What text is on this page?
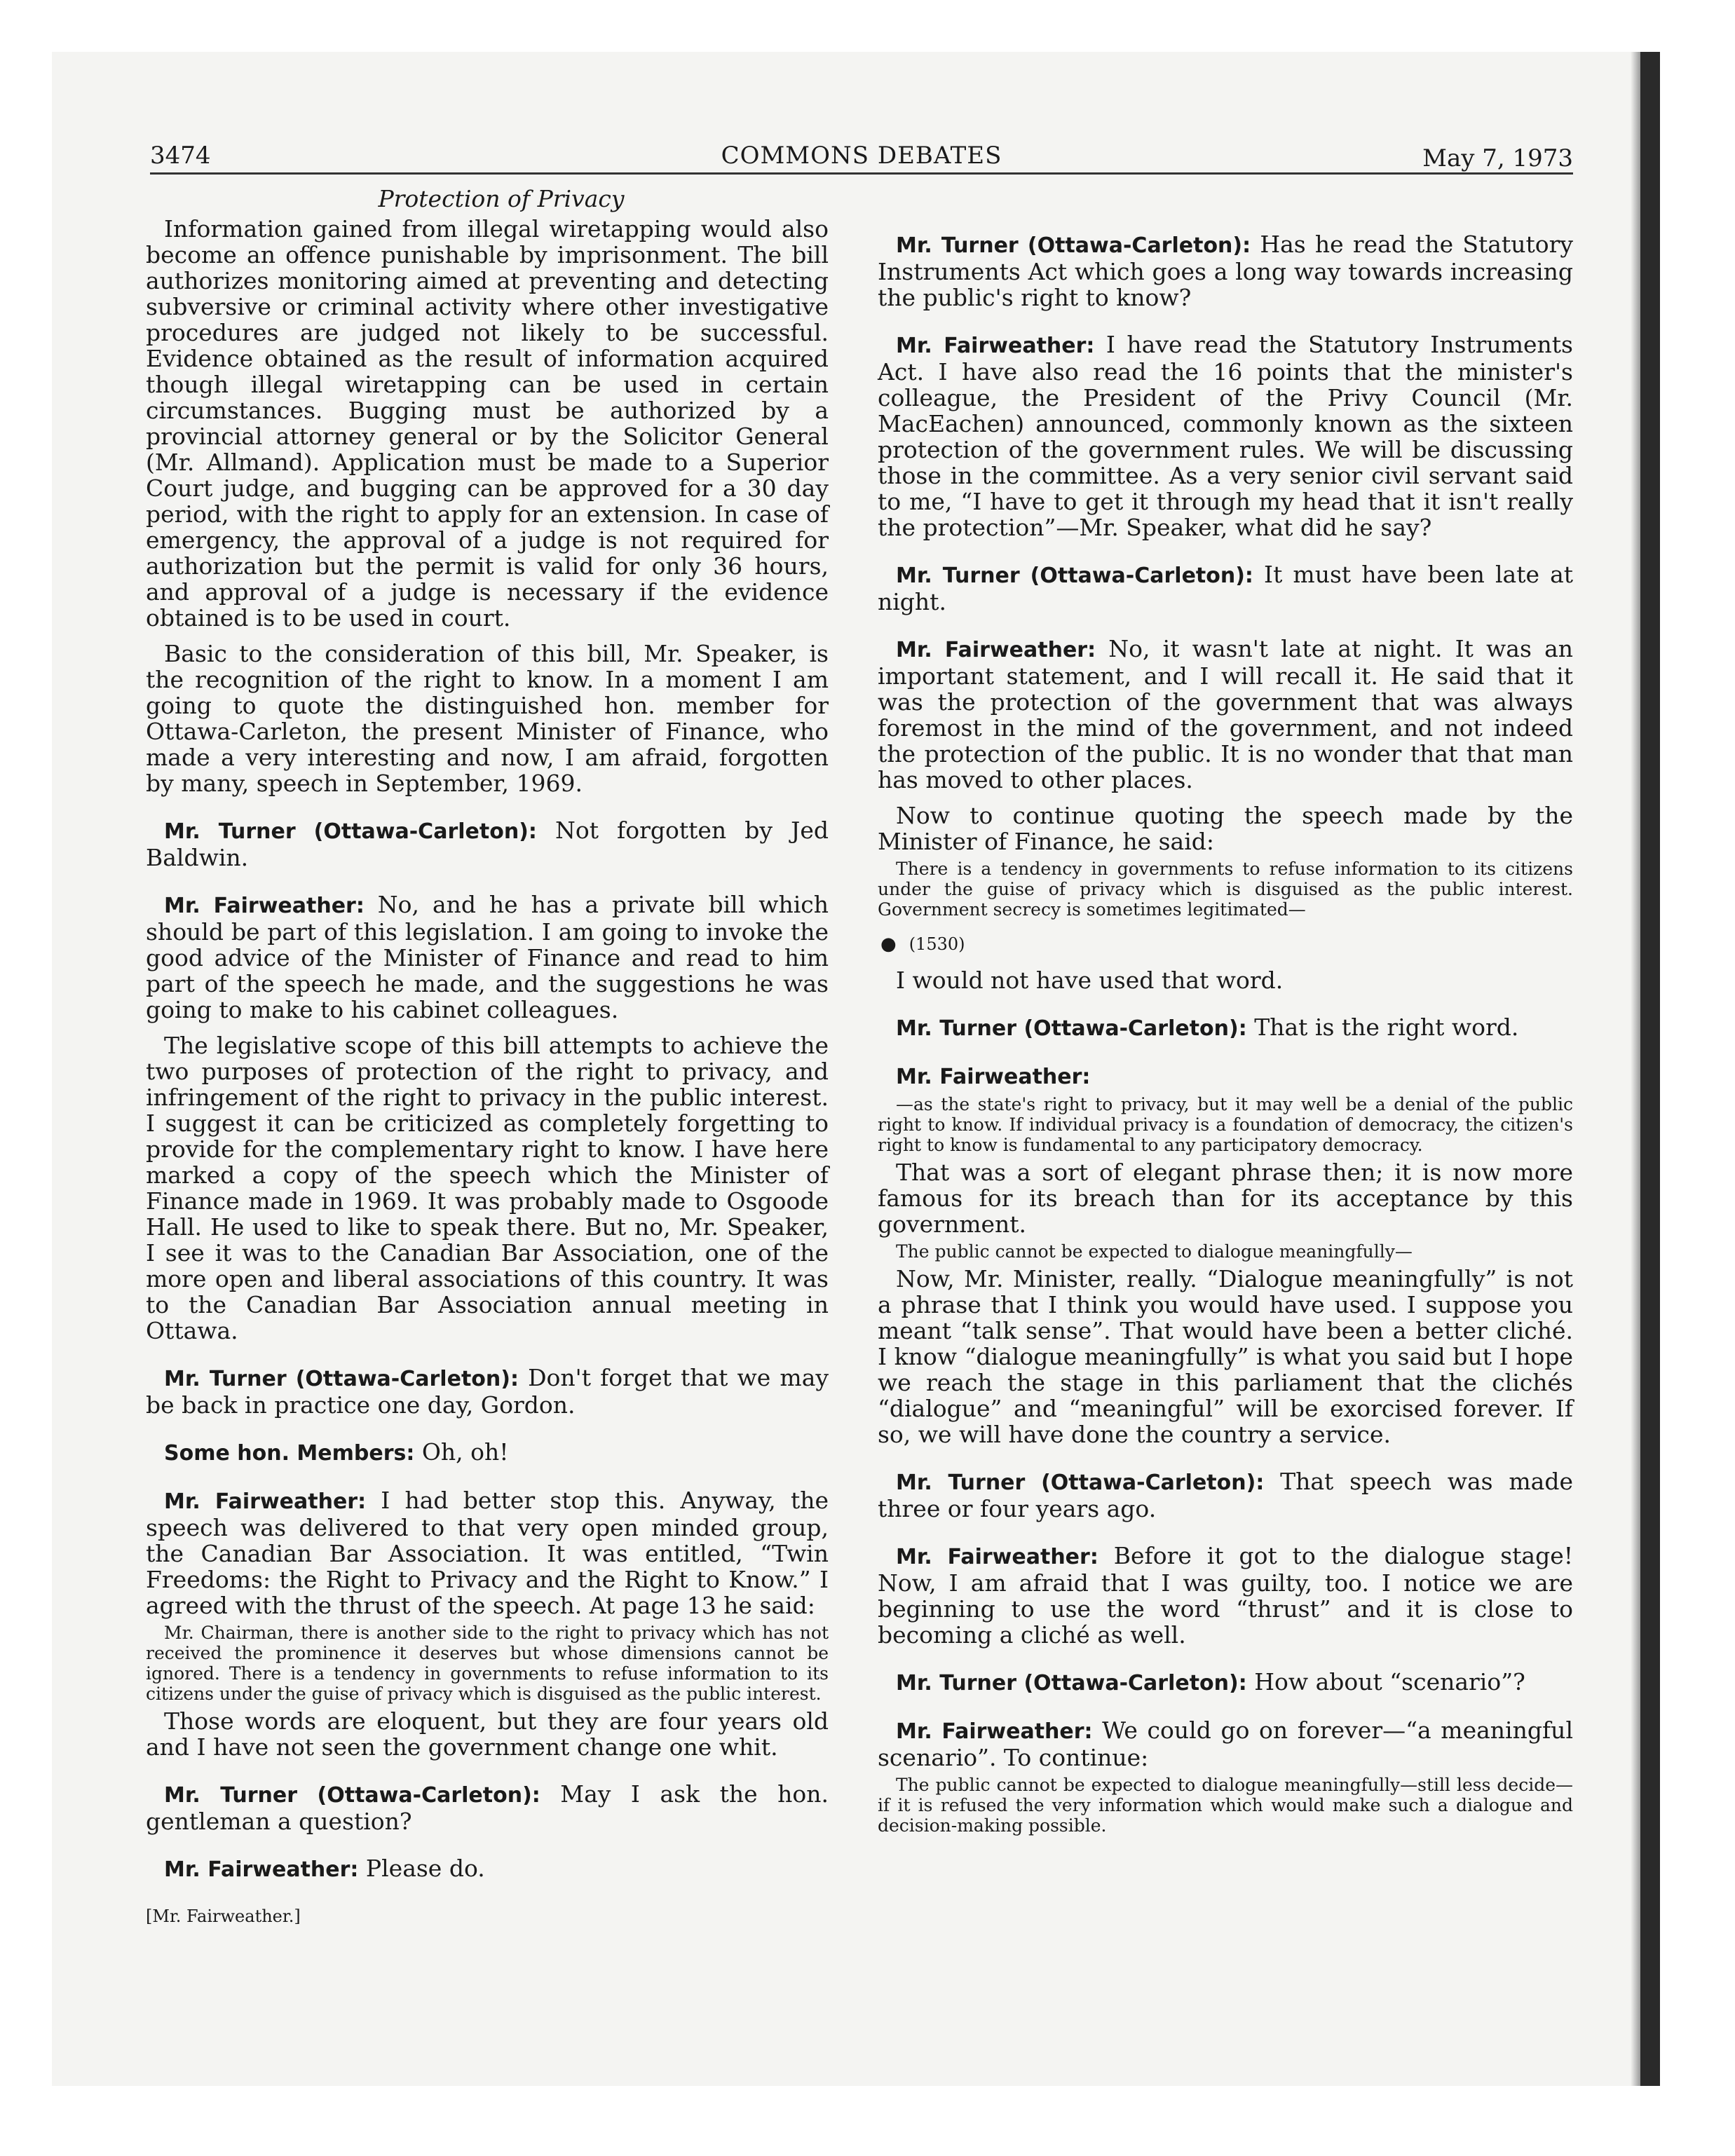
3474	COMMONS DEBATES	May 7, 1973
Protection of Privacy

Information gained from illegal wiretapping would also become an offence punishable by imprisonment. The bill authorizes monitoring aimed at preventing and detecting subversive or criminal activity where other investigative procedures are judged not likely to be successful. Evidence obtained as the result of information acquired though illegal wiretapping can be used in certain circumstances. Bugging must be authorized by a provincial attorney general or by the Solicitor General (Mr. Allmand). Application must be made to a Superior Court judge, and bugging can be approved for a 30 day period, with the right to apply for an extension. In case of emergency, the approval of a judge is not required for authorization but the permit is valid for only 36 hours, and approval of a judge is necessary if the evidence obtained is to be used in court.

Basic to the consideration of this bill, Mr. Speaker, is the recognition of the right to know. In a moment I am going to quote the distinguished hon. member for Ottawa-Carleton, the present Minister of Finance, who made a very interesting and now, I am afraid, forgotten by many, speech in September, 1969.

Mr. Turner (Ottawa-Carleton): Not forgotten by Jed Baldwin.

Mr. Fairweather: No, and he has a private bill which should be part of this legislation. I am going to invoke the good advice of the Minister of Finance and read to him part of the speech he made, and the suggestions he was going to make to his cabinet colleagues.

The legislative scope of this bill attempts to achieve the two purposes of protection of the right to privacy, and infringement of the right to privacy in the public interest. I suggest it can be criticized as completely forgetting to provide for the complementary right to know. I have here marked a copy of the speech which the Minister of Finance made in 1969. It was probably made to Osgoode Hall. He used to like to speak there. But no, Mr. Speaker, I see it was to the Canadian Bar Association, one of the more open and liberal associations of this country. It was to the Canadian Bar Association annual meeting in Ottawa.

Mr. Turner (Ottawa-Carleton): Don't forget that we may be back in practice one day, Gordon.

Some hon. Members: Oh, oh!

Mr. Fairweather: I had better stop this. Anyway, the speech was delivered to that very open minded group, the Canadian Bar Association. It was entitled, “Twin Freedoms: the Right to Privacy and the Right to Know.” I agreed with the thrust of the speech. At page 13 he said:

Mr. Chairman, there is another side to the right to privacy which has not received the prominence it deserves but whose dimensions cannot be ignored. There is a tendency in governments to refuse information to its citizens under the guise of privacy which is disguised as the public interest.

Those words are eloquent, but they are four years old and I have not seen the government change one whit.

Mr. Turner (Ottawa-Carleton): May I ask the hon. gentleman a question?

Mr. Fairweather: Please do.

[Mr. Fairweather.]

Mr. Turner (Ottawa-Carleton): Has he read the Statutory Instruments Act which goes a long way towards increasing the public's right to know?

Mr. Fairweather: I have read the Statutory Instruments Act. I have also read the 16 points that the minister's colleague, the President of the Privy Council (Mr. MacEachen) announced, commonly known as the sixteen protection of the government rules. We will be discussing those in the committee. As a very senior civil servant said to me, “I have to get it through my head that it isn't really the protection”—Mr. Speaker, what did he say?

Mr. Turner (Ottawa-Carleton): It must have been late at night.

Mr. Fairweather: No, it wasn't late at night. It was an important statement, and I will recall it. He said that it was the protection of the government that was always foremost in the mind of the government, and not indeed the protection of the public. It is no wonder that that man has moved to other places.

Now to continue quoting the speech made by the Minister of Finance, he said:

There is a tendency in governments to refuse information to its citizens under the guise of privacy which is disguised as the public interest. Government secrecy is sometimes legitimated—
● (1530)

I would not have used that word.

Mr. Turner (Ottawa-Carleton): That is the right word.

Mr. Fairweather:

—as the state's right to privacy, but it may well be a denial of the public right to know. If individual privacy is a foundation of democracy, the citizen's right to know is fundamental to any participatory democracy.

That was a sort of elegant phrase then; it is now more famous for its breach than for its acceptance by this government.

The public cannot be expected to dialogue meaningfully—

Now, Mr. Minister, really. “Dialogue meaningfully” is not a phrase that I think you would have used. I suppose you meant “talk sense”. That would have been a better cliché. I know “dialogue meaningfully” is what you said but I hope we reach the stage in this parliament that the clichés “dialogue” and “meaningful” will be exorcised forever. If so, we will have done the country a service.

Mr. Turner (Ottawa-Carleton): That speech was made three or four years ago.

Mr. Fairweather: Before it got to the dialogue stage! Now, I am afraid that I was guilty, too. I notice we are beginning to use the word “thrust” and it is close to becoming a cliché as well.

Mr. Turner (Ottawa-Carleton): How about “scenario”?

Mr. Fairweather: We could go on forever—“a meaningful scenario”. To continue:

The public cannot be expected to dialogue meaningfully—still less decide—if it is refused the very information which would make such a dialogue and decision-making possible.
